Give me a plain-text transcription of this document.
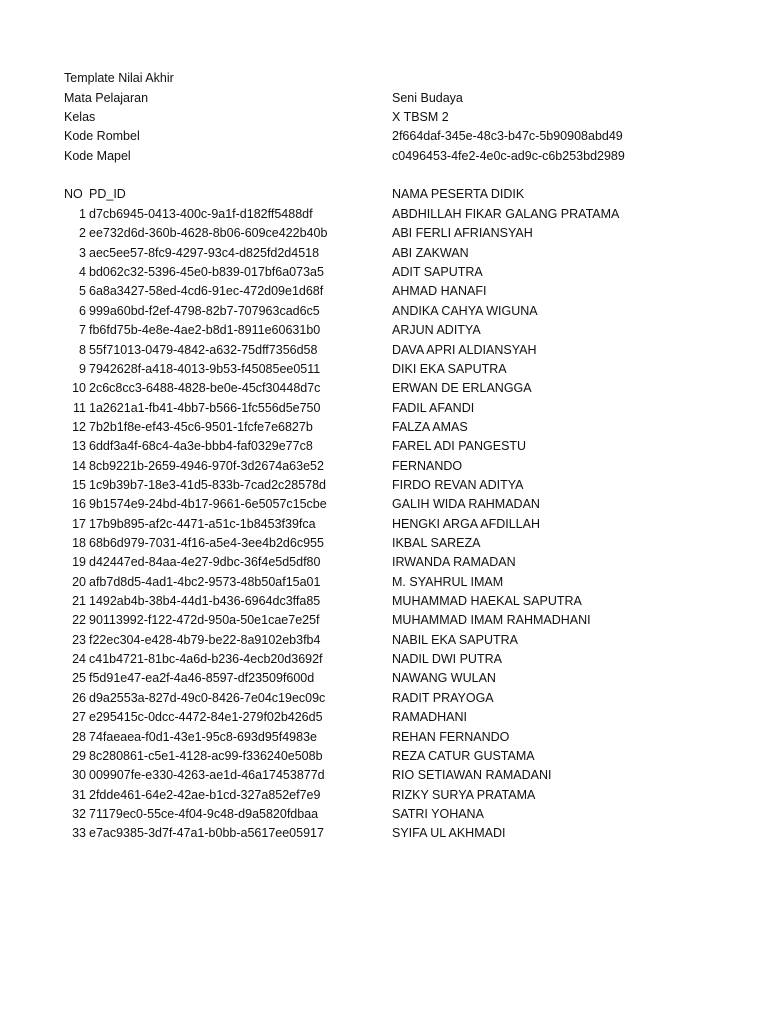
Template Nilai Akhir
Mata Pelajaran	Seni Budaya
Kelas	X TBSM 2
Kode Rombel	2f664daf-345e-48c3-b47c-5b90908abd49
Kode Mapel	c0496453-4fe2-4e0c-ad9c-c6b253bd2989
NO PD_ID	NAMA PESERTA DIDIK
1 d7cb6945-0413-400c-9a1f-d182ff5488df	ABDHILLAH FIKAR GALANG PRATAMA
2 ee732d6d-360b-4628-8b06-609ce422b40b	ABI FERLI AFRIANSYAH
3 aec5ee57-8fc9-4297-93c4-d825fd2d4518	ABI ZAKWAN
4 bd062c32-5396-45e0-b839-017bf6a073a5	ADIT SAPUTRA
5 6a8a3427-58ed-4cd6-91ec-472d09e1d68f	AHMAD HANAFI
6 999a60bd-f2ef-4798-82b7-707963cad6c5	ANDIKA CAHYA WIGUNA
7 fb6fd75b-4e8e-4ae2-b8d1-8911e60631b0	ARJUN ADITYA
8 55f71013-0479-4842-a632-75dff7356d58	DAVA APRI ALDIANSYAH
9 7942628f-a418-4013-9b53-f45085ee0511	DIKI EKA SAPUTRA
10 2c6c8cc3-6488-4828-be0e-45cf30448d7c	ERWAN DE ERLANGGA
11 1a2621a1-fb41-4bb7-b566-1fc556d5e750	FADIL AFANDI
12 7b2b1f8e-ef43-45c6-9501-1fcfe7e6827b	FALZA AMAS
13 6ddf3a4f-68c4-4a3e-bbb4-faf0329e77c8	FAREL ADI PANGESTU
14 8cb9221b-2659-4946-970f-3d2674a63e52	FERNANDO
15 1c9b39b7-18e3-41d5-833b-7cad2c28578d	FIRDO REVAN ADITYA
16 9b1574e9-24bd-4b17-9661-6e5057c15cbe	GALIH WIDA RAHMADAN
17 17b9b895-af2c-4471-a51c-1b8453f39fca	HENGKI ARGA AFDILLAH
18 68b6d979-7031-4f16-a5e4-3ee4b2d6c955	IKBAL SAREZA
19 d42447ed-84aa-4e27-9dbc-36f4e5d5df80	IRWANDA RAMADAN
20 afb7d8d5-4ad1-4bc2-9573-48b50af15a01	M. SYAHRUL IMAM
21 1492ab4b-38b4-44d1-b436-6964dc3ffa85	MUHAMMAD HAEKAL SAPUTRA
22 90113992-f122-472d-950a-50e1cae7e25f	MUHAMMAD IMAM RAHMADHANI
23 f22ec304-e428-4b79-be22-8a9102eb3fb4	NABIL EKA SAPUTRA
24 c41b4721-81bc-4a6d-b236-4ecb20d3692f	NADIL DWI PUTRA
25 f5d91e47-ea2f-4a46-8597-df23509f600d	NAWANG WULAN
26 d9a2553a-827d-49c0-8426-7e04c19ec09c	RADIT PRAYOGA
27 e295415c-0dcc-4472-84e1-279f02b426d5	RAMADHANI
28 74faeaea-f0d1-43e1-95c8-693d95f4983e	REHAN FERNANDO
29 8c280861-c5e1-4128-ac99-f336240e508b	REZA CATUR GUSTAMA
30 009907fe-e330-4263-ae1d-46a17453877d	RIO SETIAWAN RAMADANI
31 2fdde461-64e2-42ae-b1cd-327a852ef7e9	RIZKY SURYA PRATAMA
32 71179ec0-55ce-4f04-9c48-d9a5820fdbaa	SATRI YOHANA
33 e7ac9385-3d7f-47a1-b0bb-a5617ee05917	SYIFA UL AKHMADI
